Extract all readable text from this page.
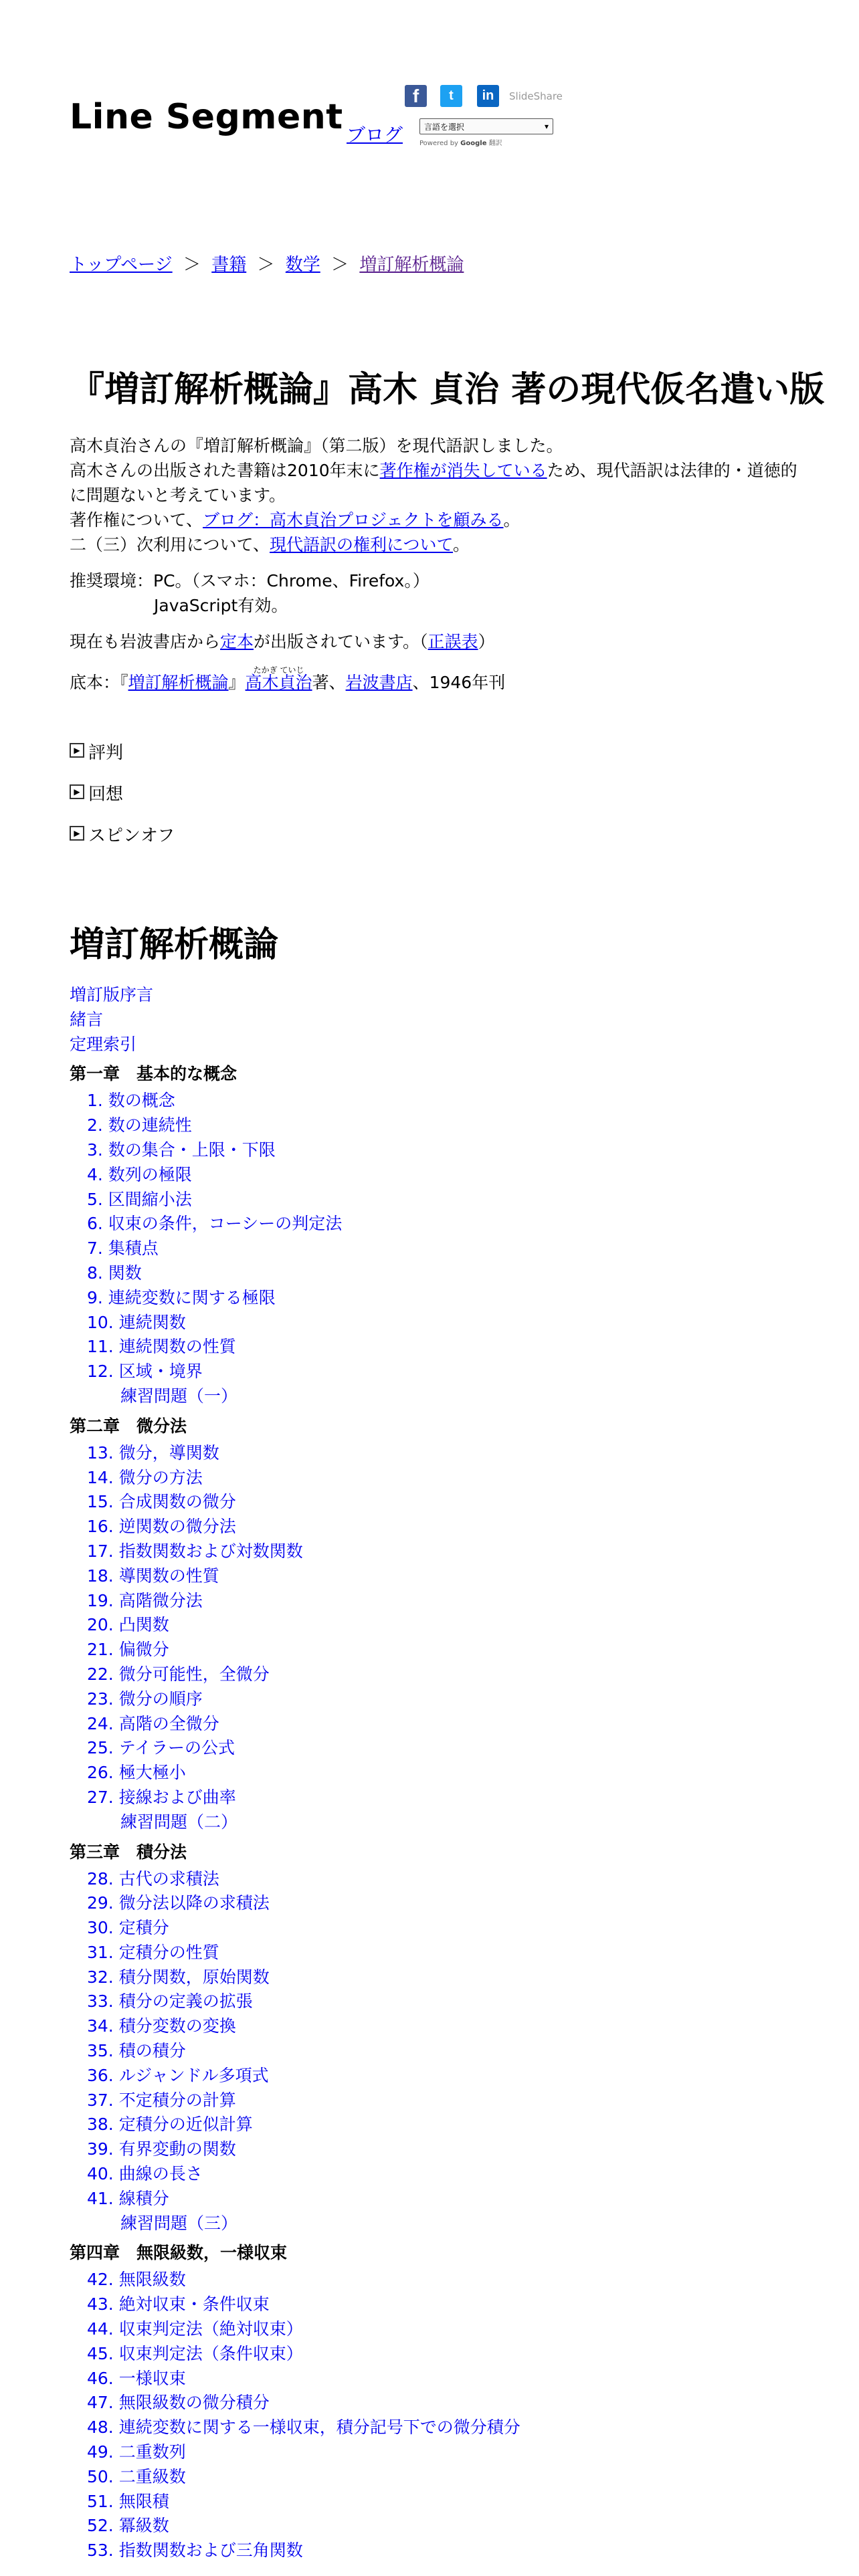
Line Segment ブログ
f	t	in	SlideShare
言語を選択	▾
Powered by Google 翻訳
トップページ ＞ 書籍 ＞ 数学 ＞ 増訂解析概論
『増訂解析概論』高木 貞治 著の現代仮名遣い版

高木貞治さんの『増訂解析概論』（第二版）を現代語訳しました。
高木さんの出版された書籍は2010年末に著作権が消失しているため、現代語訳は法律的・道徳的に問題ないと考えています。
著作権について、ブログ：高木貞治プロジェクトを顧みる。
二（三）次利用について、現代語訳の権利について。

推奨環境：PC。（スマホ：Chrome、Firefox。）
JavaScript有効。

現在も岩波書店から定本が出版されています。（正誤表）

底本：『増訂解析概論』
たかぎ ていじ
高木貞治著、岩波書店、1946年刊

▶ 評判
▶ 回想
▶ スピンオフ
増訂解析概論
増訂版序言
緒言
定理索引
第一章　基本的な概念
1. 数の概念
2. 数の連続性
3. 数の集合・上限・下限
4. 数列の極限
5. 区間縮小法
6. 収束の条件，コーシーの判定法
7. 集積点
8. 関数
9. 連続変数に関する極限
10. 連続関数
11. 連続関数の性質
12. 区域・境界
練習問題（一）
第二章　微分法
13. 微分，導関数
14. 微分の方法
15. 合成関数の微分
16. 逆関数の微分法
17. 指数関数および対数関数
18. 導関数の性質
19. 高階微分法
20. 凸関数
21. 偏微分
22. 微分可能性，全微分
23. 微分の順序
24. 高階の全微分
25. テイラーの公式
26. 極大極小
27. 接線および曲率
練習問題（二）
第三章　積分法
28. 古代の求積法
29. 微分法以降の求積法
30. 定積分
31. 定積分の性質
32. 積分関数，原始関数
33. 積分の定義の拡張
34. 積分変数の変換
35. 積の積分
36. ルジャンドル多項式
37. 不定積分の計算
38. 定積分の近似計算
39. 有界変動の関数
40. 曲線の長さ
41. 線積分
練習問題（三）
第四章　無限級数，一様収束
42. 無限級数
43. 絶対収束・条件収束
44. 収束判定法（絶対収束）
45. 収束判定法（条件収束）
46. 一様収束
47. 無限級数の微分積分
48. 連続変数に関する一様収束，積分記号下での微分積分
49. 二重数列
50. 二重級数
51. 無限積
52. 冪級数
53. 指数関数および三角関数
